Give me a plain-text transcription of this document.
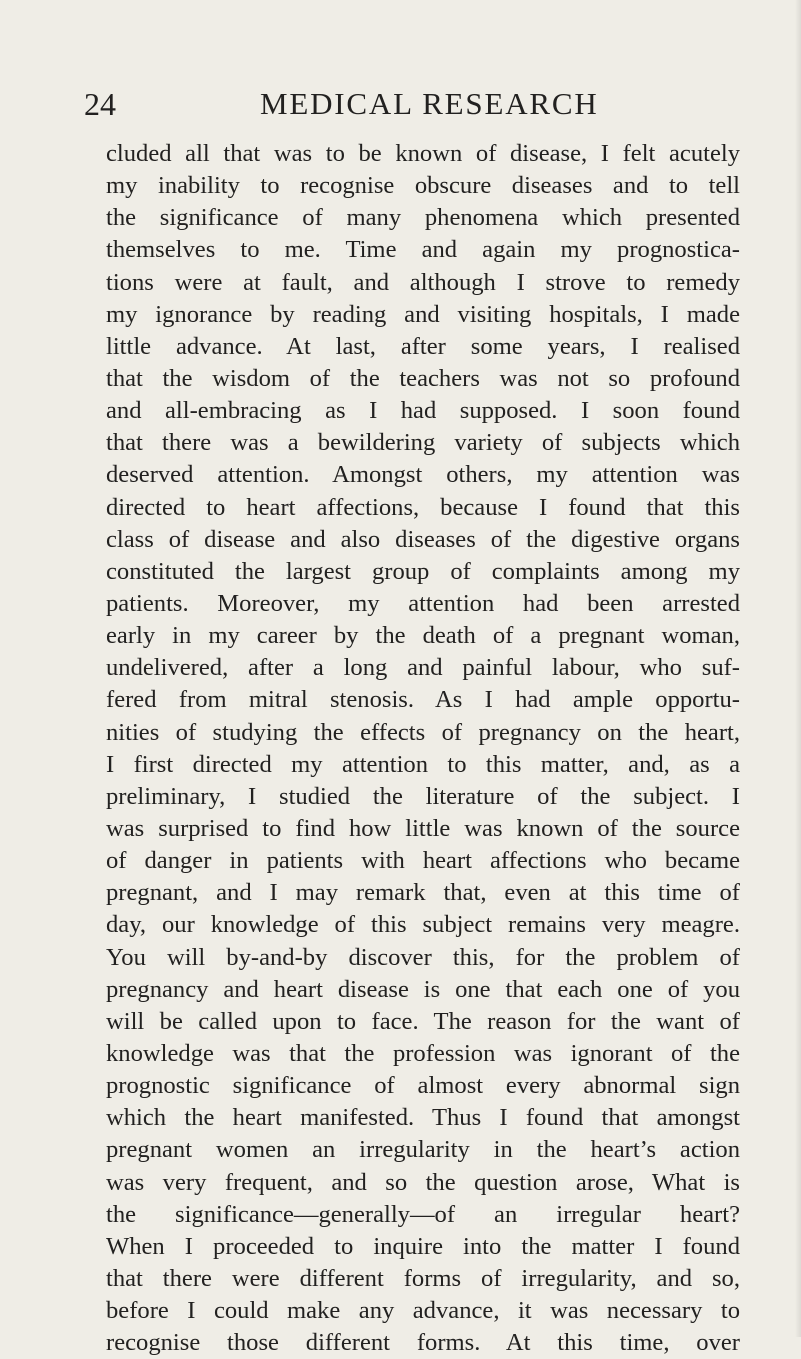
24	MEDICAL RESEARCH
cluded all that was to be known of disease, I felt acutely
my inability to recognise obscure diseases and to tell
the significance of many phenomena which presented
themselves to me. Time and again my prognostica-
tions were at fault, and although I strove to remedy
my ignorance by reading and visiting hospitals, I made
little advance. At last, after some years, I realised
that the wisdom of the teachers was not so profound
and all-embracing as I had supposed. I soon found
that there was a bewildering variety of subjects which
deserved attention. Amongst others, my attention was
directed to heart affections, because I found that this
class of disease and also diseases of the digestive organs
constituted the largest group of complaints among my
patients. Moreover, my attention had been arrested
early in my career by the death of a pregnant woman,
undelivered, after a long and painful labour, who suf-
fered from mitral stenosis. As I had ample opportu-
nities of studying the effects of pregnancy on the heart,
I first directed my attention to this matter, and, as a
preliminary, I studied the literature of the subject. I
was surprised to find how little was known of the source
of danger in patients with heart affections who became
pregnant, and I may remark that, even at this time of
day, our knowledge of this subject remains very meagre.
You will by-and-by discover this, for the problem of
pregnancy and heart disease is one that each one of you
will be called upon to face. The reason for the want of
knowledge was that the profession was ignorant of the
prognostic significance of almost every abnormal sign
which the heart manifested. Thus I found that amongst
pregnant women an irregularity in the heart’s action
was very frequent, and so the question arose, What is
the significance—generally—of an irregular heart?
When I proceeded to inquire into the matter I found
that there were different forms of irregularity, and so,
before I could make any advance, it was necessary to
recognise those different forms. At this time, over
